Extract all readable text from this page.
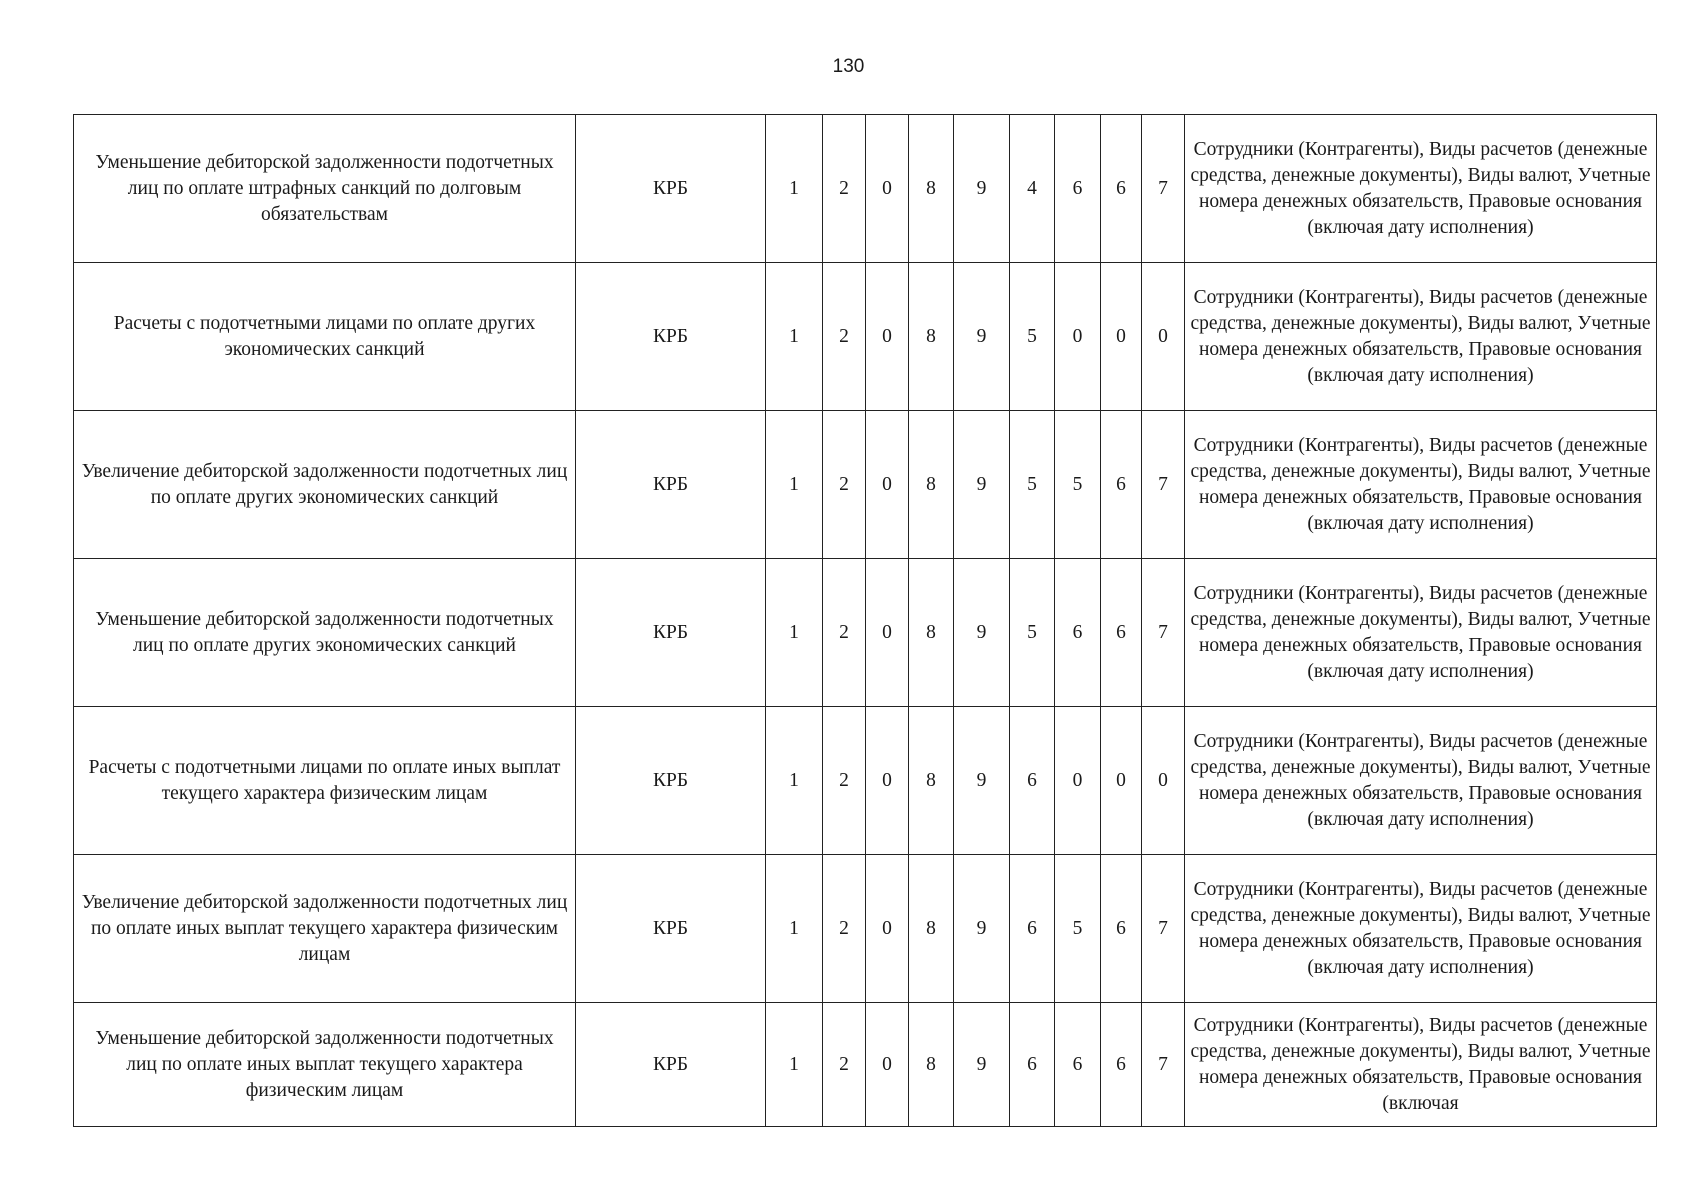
130
Уменьшение дебиторской задолженности подотчетных лиц по оплате штрафных санкций по долговым обязательствам	КРБ	1	2	0	8	9	4	6	6	7	Сотрудники (Контрагенты), Виды расчетов (денежные средства, денежные документы), Виды валют, Учетные номера денежных обязательств, Правовые основания (включая дату исполнения)
Расчеты с подотчетными лицами по оплате других экономических санкций	КРБ	1	2	0	8	9	5	0	0	0	Сотрудники (Контрагенты), Виды расчетов (денежные средства, денежные документы), Виды валют, Учетные номера денежных обязательств, Правовые основания (включая дату исполнения)
Увеличение дебиторской задолженности подотчетных лиц по оплате других экономических санкций	КРБ	1	2	0	8	9	5	5	6	7	Сотрудники (Контрагенты), Виды расчетов (денежные средства, денежные документы), Виды валют, Учетные номера денежных обязательств, Правовые основания (включая дату исполнения)
Уменьшение дебиторской задолженности подотчетных лиц по оплате других экономических санкций	КРБ	1	2	0	8	9	5	6	6	7	Сотрудники (Контрагенты), Виды расчетов (денежные средства, денежные документы), Виды валют, Учетные номера денежных обязательств, Правовые основания (включая дату исполнения)
Расчеты с подотчетными лицами по оплате иных выплат текущего характера физическим лицам	КРБ	1	2	0	8	9	6	0	0	0	Сотрудники (Контрагенты), Виды расчетов (денежные средства, денежные документы), Виды валют, Учетные номера денежных обязательств, Правовые основания (включая дату исполнения)
Увеличение дебиторской задолженности подотчетных лиц по оплате иных выплат текущего характера физическим лицам	КРБ	1	2	0	8	9	6	5	6	7	Сотрудники (Контрагенты), Виды расчетов (денежные средства, денежные документы), Виды валют, Учетные номера денежных обязательств, Правовые основания (включая дату исполнения)
Уменьшение дебиторской задолженности подотчетных лиц по оплате иных выплат текущего характера физическим лицам	КРБ	1	2	0	8	9	6	6	6	7	Сотрудники (Контрагенты), Виды расчетов (денежные средства, денежные документы), Виды валют, Учетные номера денежных обязательств, Правовые основания (включая
